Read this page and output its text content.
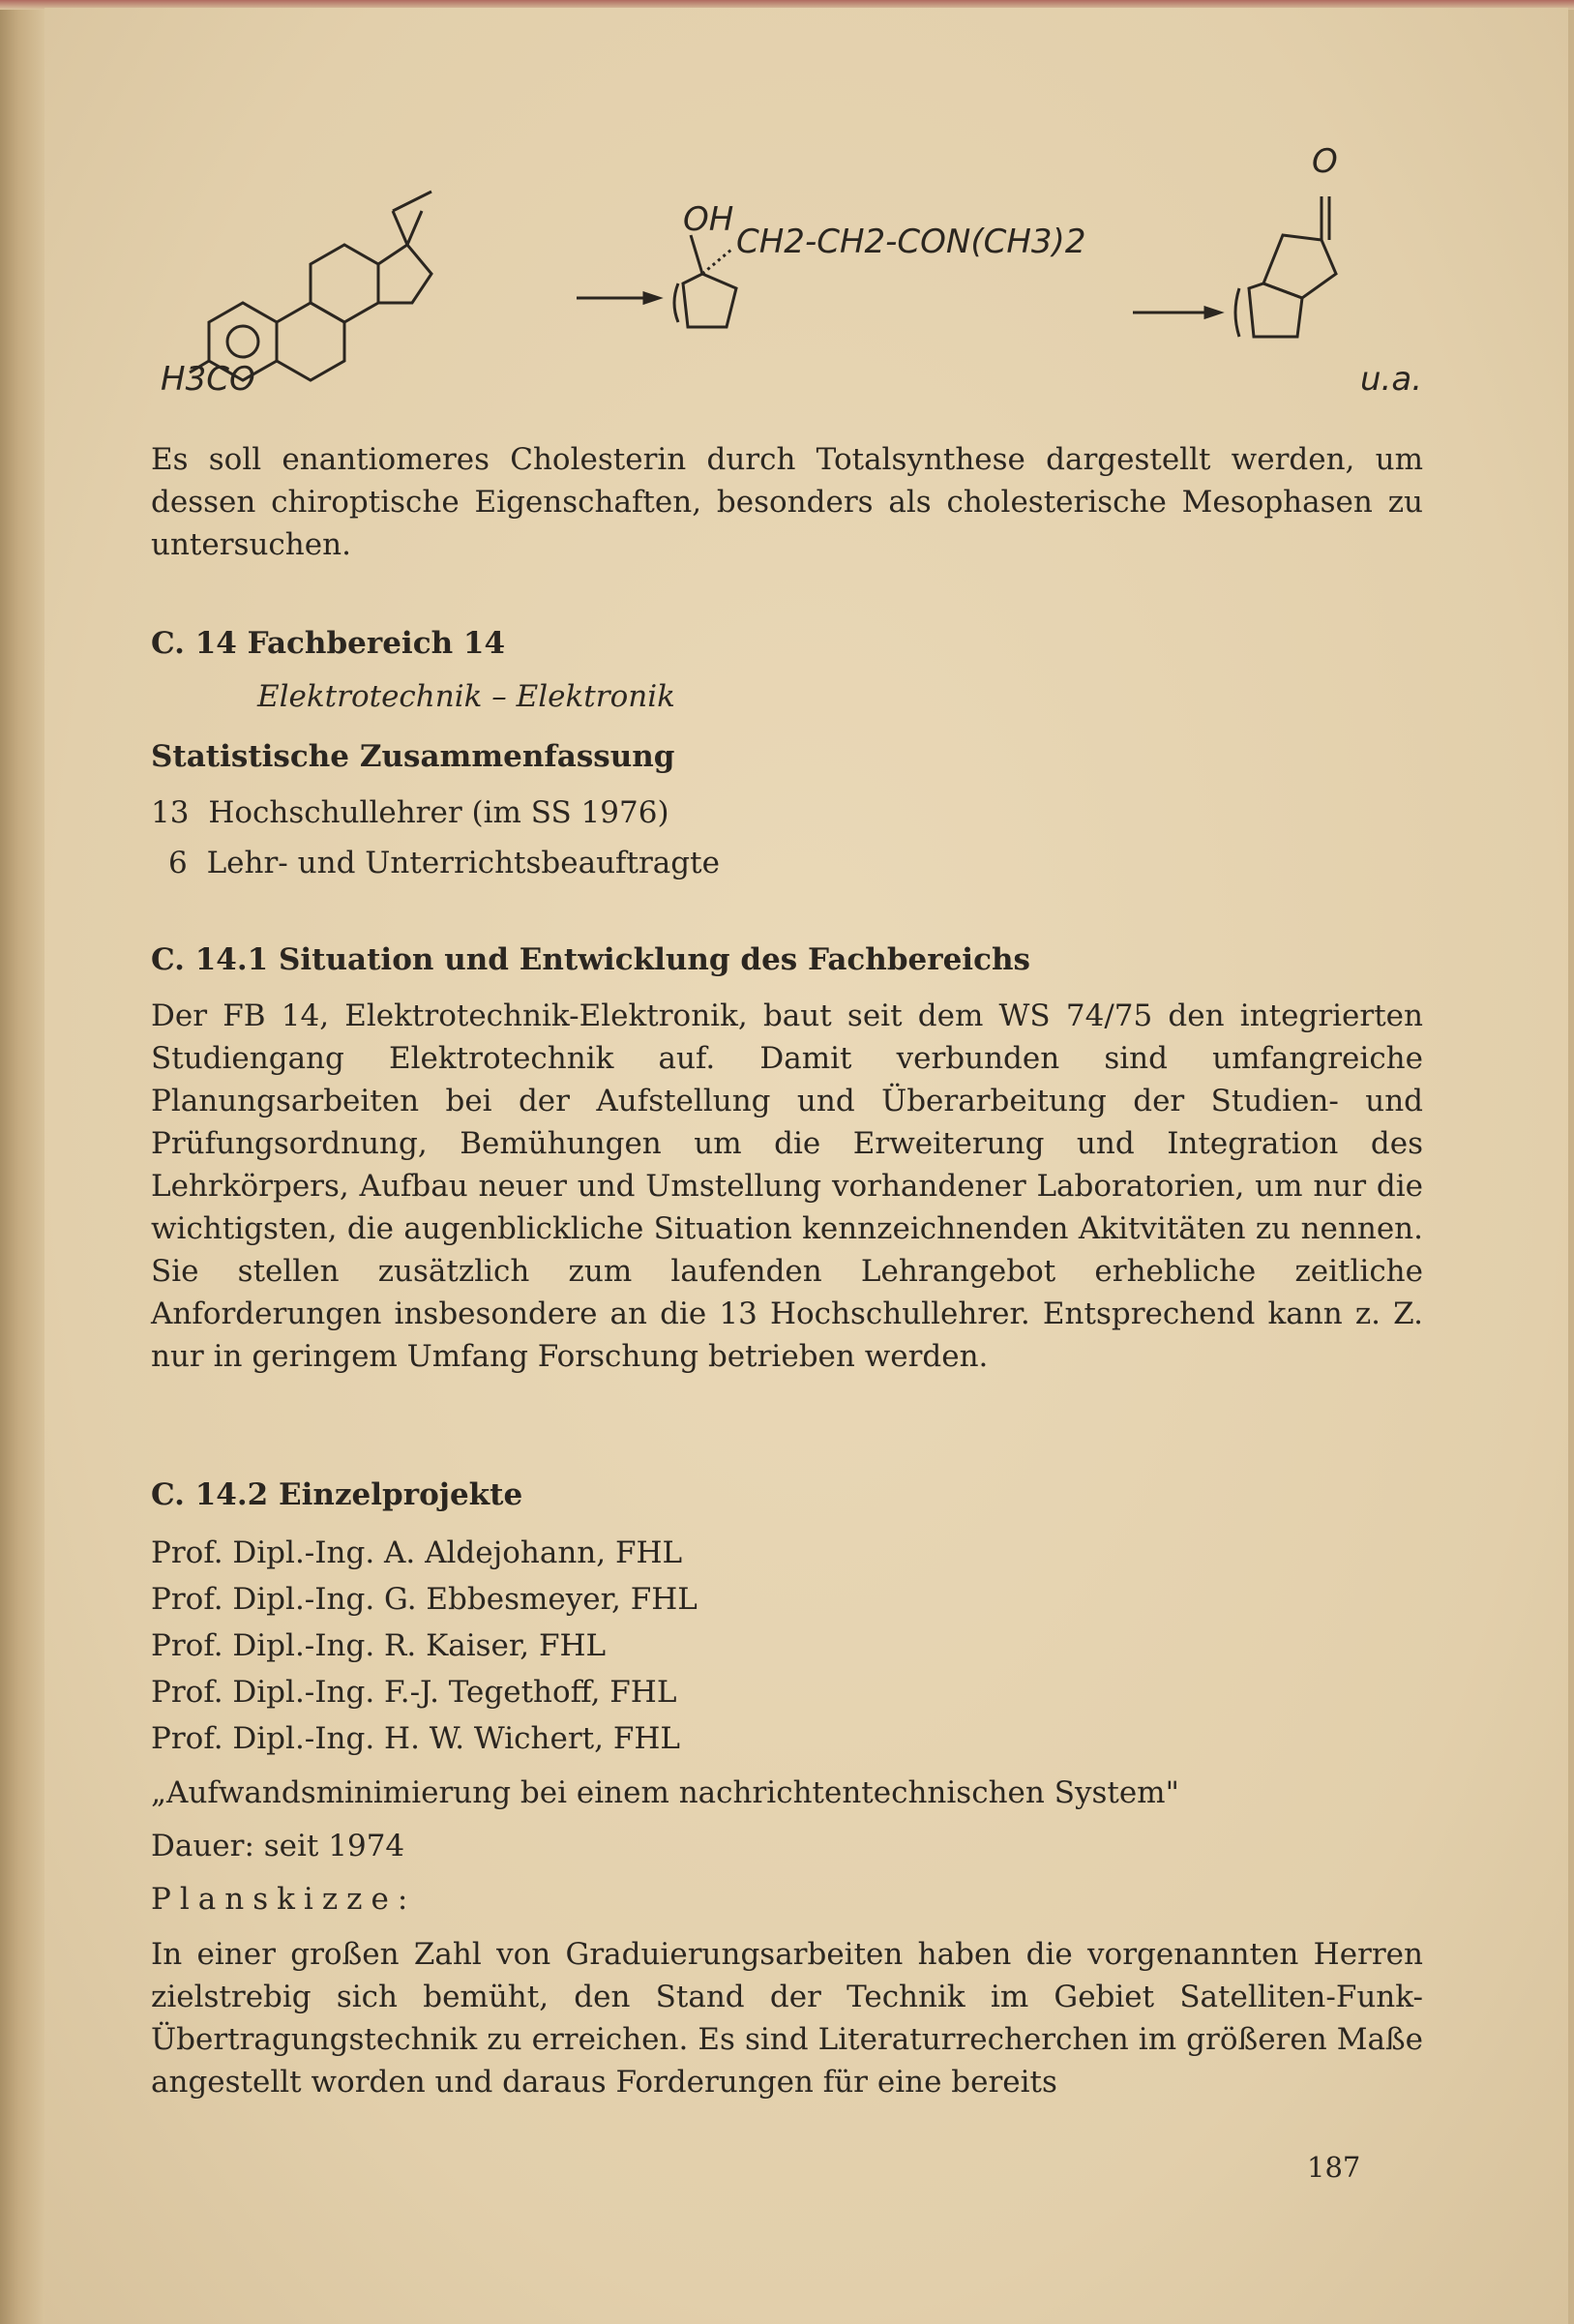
H3CO
OH
CH2-CH2-CON(CH3)2
O
u.a.

Es soll enantiomeres Cholesterin durch Totalsynthese dargestellt werden, um dessen chiroptische Eigenschaften, besonders als cholesterische Mesophasen zu untersuchen.

C. 14 Fachbereich 14
Elektrotechnik – Elektronik
Statistische Zusammenfassung
13 Hochschullehrer (im SS 1976)
6 Lehr- und Unterrichtsbeauftragte
C. 14.1 Situation und Entwicklung des Fachbereichs

Der FB 14, Elektrotechnik-Elektronik, baut seit dem WS 74/75 den integrierten Studiengang Elektrotechnik auf. Damit verbunden sind umfangreiche Planungsarbeiten bei der Aufstellung und Überarbeitung der Studien- und Prüfungsordnung, Bemühungen um die Erweiterung und Integration des Lehrkörpers, Aufbau neuer und Umstellung vorhandener Laboratorien, um nur die wichtigsten, die augenblickliche Situation kennzeichnenden Akitvitäten zu nennen. Sie stellen zusätzlich zum laufenden Lehrangebot erhebliche zeitliche Anforderungen insbesondere an die 13 Hochschullehrer. Entsprechend kann z. Z. nur in geringem Umfang Forschung betrieben werden.

C. 14.2 Einzelprojekte
Prof. Dipl.-Ing. A. Aldejohann, FHL
Prof. Dipl.-Ing. G. Ebbesmeyer, FHL
Prof. Dipl.-Ing. R. Kaiser, FHL
Prof. Dipl.-Ing. F.-J. Tegethoff, FHL
Prof. Dipl.-Ing. H. W. Wichert, FHL
„Aufwandsminimierung bei einem nachrichtentechnischen System"
Dauer: seit 1974
Planskizze:

In einer großen Zahl von Graduierungsarbeiten haben die vorgenannten Herren zielstrebig sich bemüht, den Stand der Technik im Gebiet Satelliten-Funk-Übertragungstechnik zu erreichen. Es sind Literaturrecherchen im größeren Maße angestellt worden und daraus Forderungen für eine bereits

187
